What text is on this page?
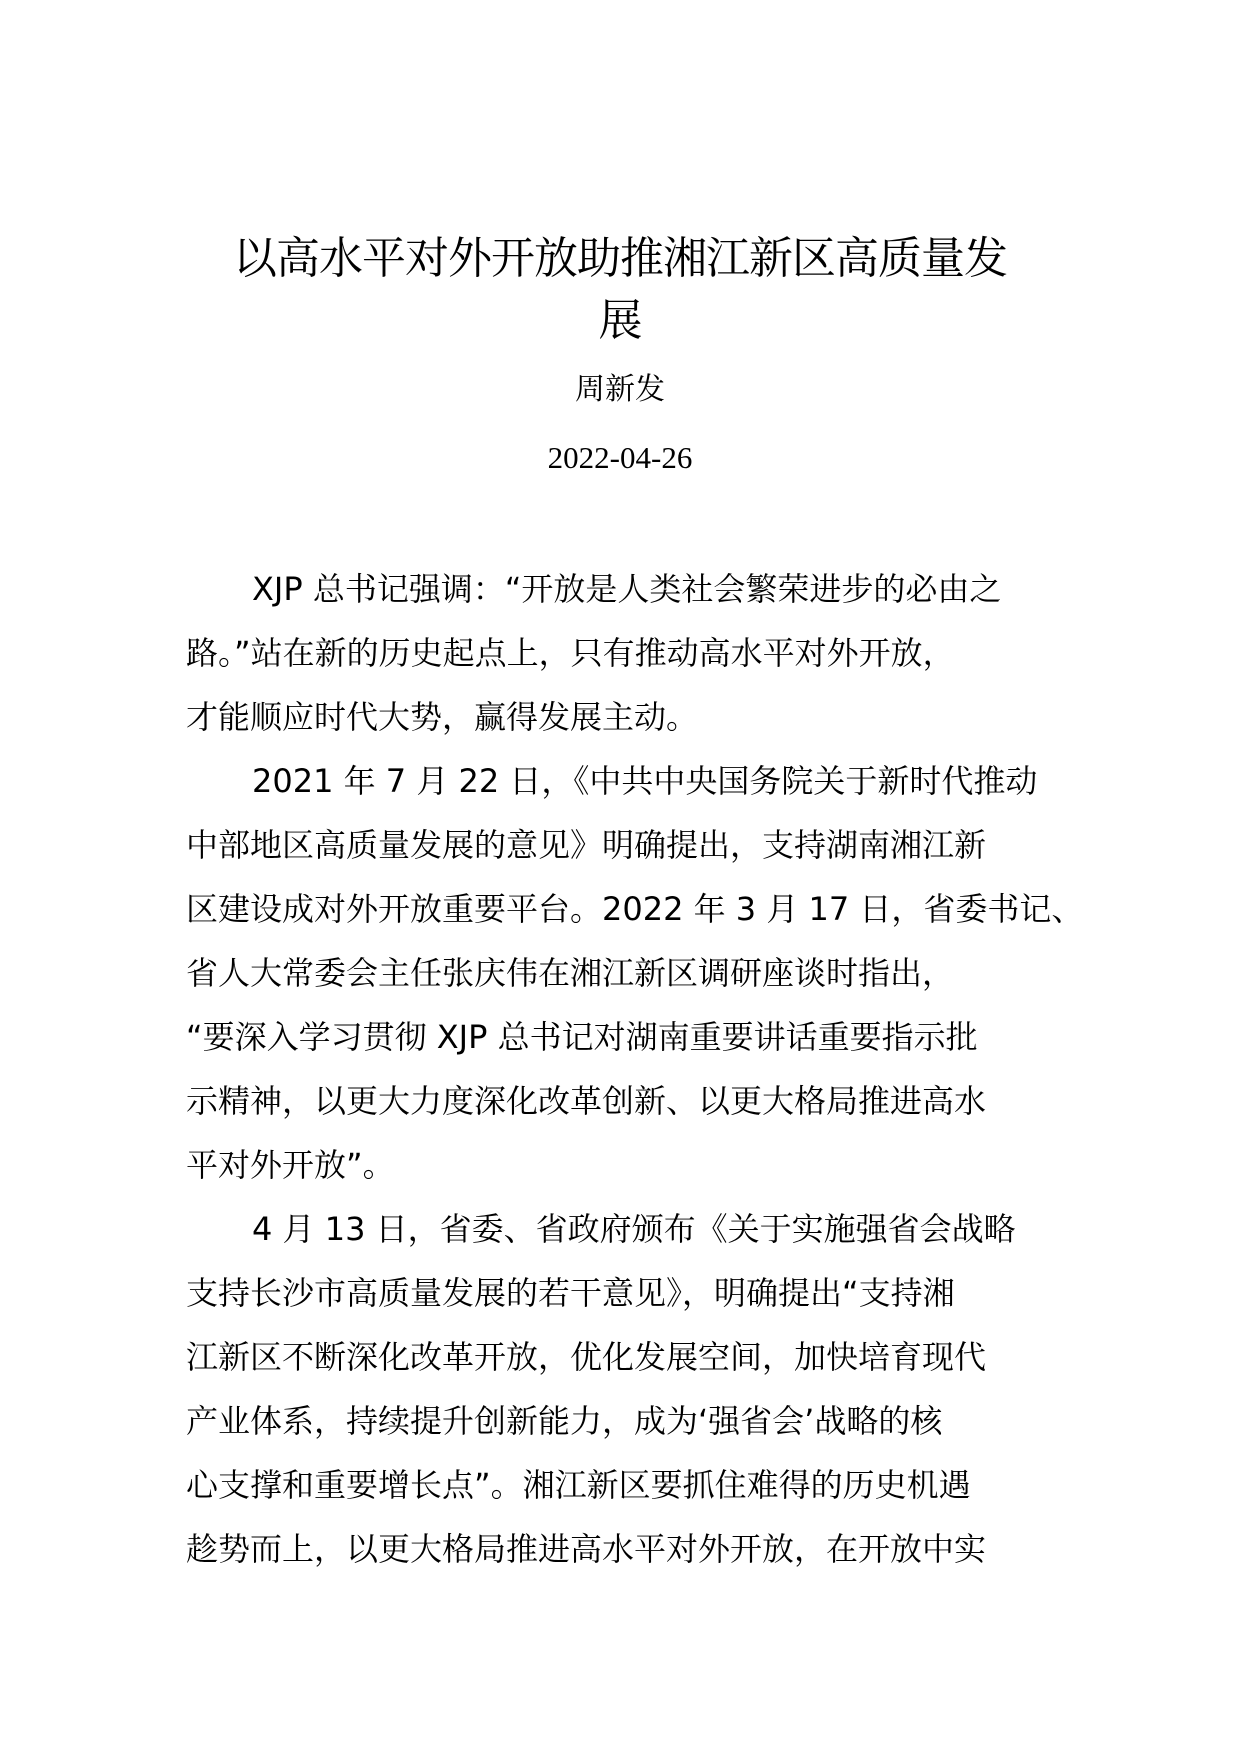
以高水平对外开放助推湘江新区高质量发
展
周新发
2022-04-26

XJP 总书记强调：“开放是人类社会繁荣进步的必由之
路。”站在新的历史起点上，只有推动高水平对外开放，
才能顺应时代大势，赢得发展主动。

2021 年 7 月 22 日，《中共中央国务院关于新时代推动
中部地区高质量发展的意见》明确提出，支持湖南湘江新
区建设成对外开放重要平台。2022 年 3 月 17 日，省委书记、
省人大常委会主任张庆伟在湘江新区调研座谈时指出，
“要深入学习贯彻 XJP 总书记对湖南重要讲话重要指示批
示精神，以更大力度深化改革创新、以更大格局推进高水
平对外开放”。

4 月 13 日，省委、省政府颁布《关于实施强省会战略
支持长沙市高质量发展的若干意见》，明确提出“支持湘
江新区不断深化改革开放，优化发展空间，加快培育现代
产业体系，持续提升创新能力，成为‘强省会’战略的核
心支撑和重要增长点”。湘江新区要抓住难得的历史机遇
趁势而上，以更大格局推进高水平对外开放，在开放中实
